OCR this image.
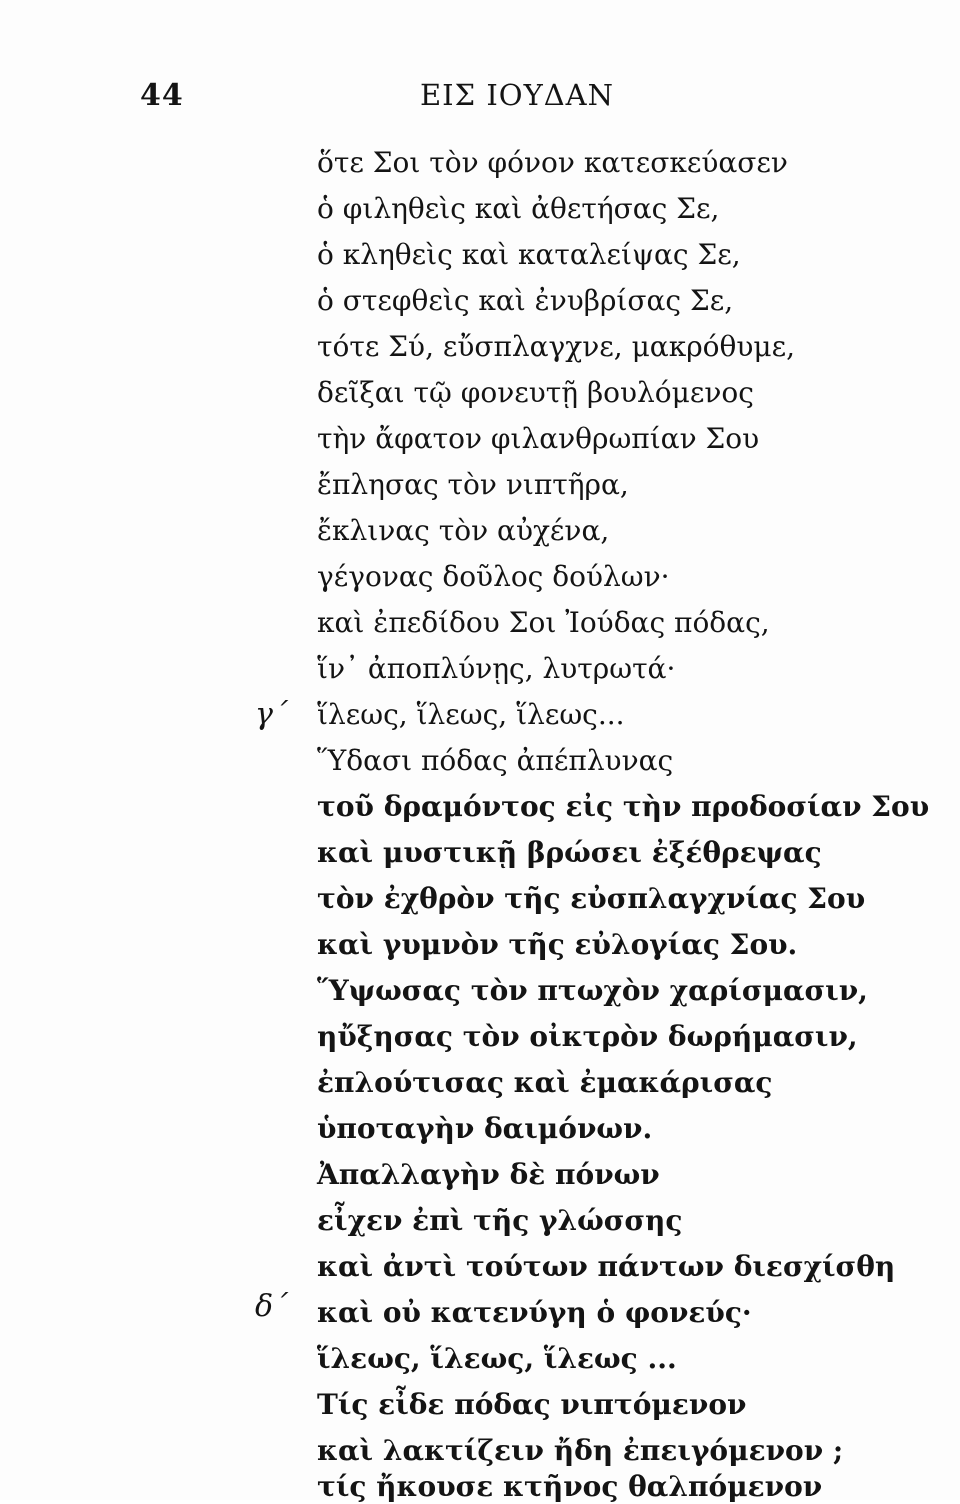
44	ΕΙΣ ΙΟΥΔΑΝ
γ΄
δ΄
ὅτε Σοι τὸν φόνον κατεσκεύασεν
ὁ φιληθεὶς καὶ ἀθετήσας Σε,
ὁ κληθεὶς καὶ καταλείψας Σε,
ὁ στεφθεὶς καὶ ἐνυβρίσας Σε,
τότε Σύ, εὔσπλαγχνε, μακρόθυμε,
δεῖξαι τῷ φονευτῇ βουλόμενος
τὴν ἄφατον φιλανθρωπίαν Σου
ἔπλησας τὸν νιπτῆρα,
ἔκλινας τὸν αὐχένα,
γέγονας δοῦλος δούλων·
καὶ ἐπεδίδου Σοι Ἰούδας πόδας,
ἵν᾽ ἀποπλύνῃς, λυτρωτά·
ἵλεως, ἵλεως, ἵλεως...
Ὕδασι πόδας ἀπέπλυνας
τοῦ δραμόντος εἰς τὴν προδοσίαν Σου
καὶ μυστικῇ βρώσει ἐξέθρεψας
τὸν ἐχθρὸν τῆς εὐσπλαγχνίας Σου
καὶ γυμνὸν τῆς εὐλογίας Σου.
Ὕψωσας τὸν πτωχὸν χαρίσμασιν,
ηὔξησας τὸν οἰκτρὸν δωρήμασιν,
ἐπλούτισας καὶ ἐμακάρισας
ὑποταγὴν δαιμόνων.
Ἀπαλλαγὴν δὲ πόνων
εἶχεν ἐπὶ τῆς γλώσσης
καὶ ἀντὶ τούτων πάντων διεσχίσθη
καὶ οὐ κατενύγη ὁ φονεύς·
ἵλεως, ἵλεως, ἵλεως ...
Τίς εἶδε πόδας νιπτόμενον
καὶ λακτίζειν ἤδη ἐπειγόμενον ;
τίς ἤκουσε κτῆνος θαλπόμενον
